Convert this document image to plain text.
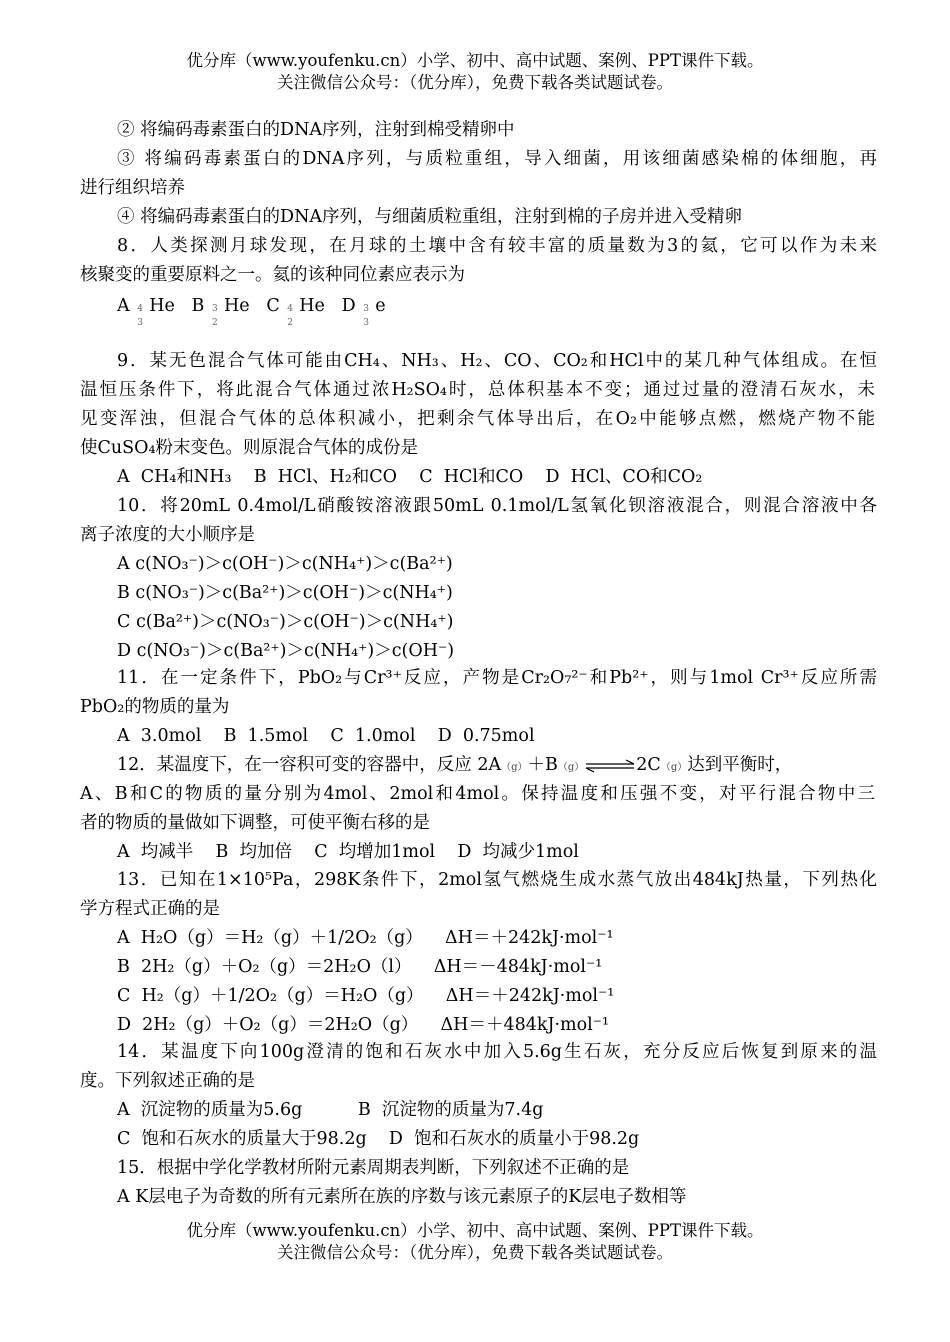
优分库（www.youfenku.cn）小学、初中、高中试题、案例、PPT课件下载。
关注微信公众号：（优分库），免费下载各类试题试卷。
② 将编码毒素蛋白的DNA序列，注射到棉受精卵中
③ 将编码毒素蛋白的DNA序列，与质粒重组，导入细菌，用该细菌感染棉的体细胞，再
进行组织培养
④ 将编码毒素蛋白的DNA序列，与细菌质粒重组，注射到棉的子房并进入受精卵
8．人类探测月球发现，在月球的土壤中含有较丰富的质量数为3的氦，它可以作为未来
核聚变的重要原料之一。氦的该种同位素应表示为
A 4
3
He B 3
2
He C 4
2
He D 3
3
e
9．某无色混合气体可能由CH₄、NH₃、H₂、CO、CO₂和HCl中的某几种气体组成。在恒
温恒压条件下，将此混合气体通过浓H₂SO₄时，总体积基本不变；通过过量的澄清石灰水，未
见变浑浊，但混合气体的总体积减小，把剩余气体导出后，在O₂中能够点燃，燃烧产物不能
使CuSO₄粉末变色。则原混合气体的成份是
A  CH₄和NH₃    B  HCl、H₂和CO    C  HCl和CO    D  HCl、CO和CO₂
10．将20mL 0.4mol/L硝酸铵溶液跟50mL 0.1mol/L氢氧化钡溶液混合，则混合溶液中各
离子浓度的大小顺序是
A c(NO₃⁻)＞c(OH⁻)＞c(NH₄⁺)＞c(Ba²⁺)
B c(NO₃⁻)＞c(Ba²⁺)＞c(OH⁻)＞c(NH₄⁺)
C c(Ba²⁺)＞c(NO₃⁻)＞c(OH⁻)＞c(NH₄⁺)
D c(NO₃⁻)＞c(Ba²⁺)＞c(NH₄⁺)＞c(OH⁻)
11．在一定条件下，PbO₂与Cr³⁺反应，产物是Cr₂O₇²⁻和Pb²⁺，则与1mol Cr³⁺反应所需
PbO₂的物质的量为
A  3.0mol    B  1.5mol    C  1.0mol    D  0.75mol
12．某温度下，在一容积可变的容器中，反应 2A（g）＋B（g）⇌2C（g）达到平衡时，
A、B和C的物质的量分别为4mol、2mol和4mol。保持温度和压强不变，对平行混合物中三
者的物质的量做如下调整，可使平衡右移的是
A  均减半    B  均加倍    C  均增加1mol    D  均减少1mol
13．已知在1×10⁵Pa，298K条件下，2mol氢气燃烧生成水蒸气放出484kJ热量，下列热化
学方程式正确的是
A  H₂O（g）＝H₂（g）＋1/2O₂（g）    ΔH＝＋242kJ·mol⁻¹
B  2H₂（g）＋O₂（g）＝2H₂O（l）    ΔH＝－484kJ·mol⁻¹
C  H₂（g）＋1/2O₂（g）＝H₂O（g）    ΔH＝＋242kJ·mol⁻¹
D  2H₂（g）＋O₂（g）＝2H₂O（g）    ΔH＝＋484kJ·mol⁻¹
14．某温度下向100g澄清的饱和石灰水中加入5.6g生石灰，充分反应后恢复到原来的温
度。下列叙述正确的是
A  沉淀物的质量为5.6g          B  沉淀物的质量为7.4g
C  饱和石灰水的质量大于98.2g    D  饱和石灰水的质量小于98.2g
15．根据中学化学教材所附元素周期表判断，下列叙述不正确的是
A K层电子为奇数的所有元素所在族的序数与该元素原子的K层电子数相等
优分库（www.youfenku.cn）小学、初中、高中试题、案例、PPT课件下载。
关注微信公众号：（优分库），免费下载各类试题试卷。
